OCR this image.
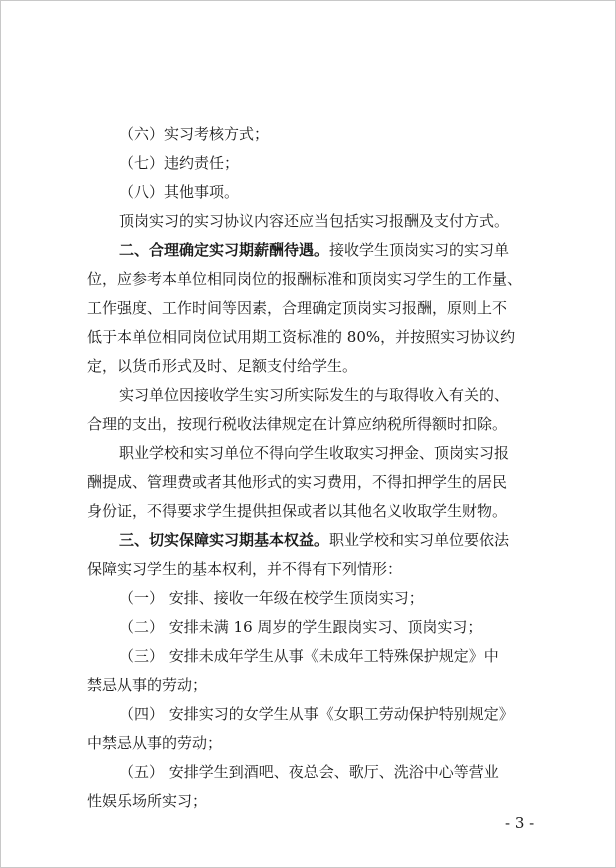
（六）实习考核方式；
（七）违约责任；
（八）其他事项。
顶岗实习的实习协议内容还应当包括实习报酬及支付方式。
二、合理确定实习期薪酬待遇。接收学生顶岗实习的实习单
位，应参考本单位相同岗位的报酬标准和顶岗实习学生的工作量、
工作强度、工作时间等因素，合理确定顶岗实习报酬，原则上不
低于本单位相同岗位试用期工资标准的 80%，并按照实习协议约
定，以货币形式及时、足额支付给学生。
实习单位因接收学生实习所实际发生的与取得收入有关的、
合理的支出，按现行税收法律规定在计算应纳税所得额时扣除。
职业学校和实习单位不得向学生收取实习押金、顶岗实习报
酬提成、管理费或者其他形式的实习费用，不得扣押学生的居民
身份证，不得要求学生提供担保或者以其他名义收取学生财物。
三、切实保障实习期基本权益。职业学校和实习单位要依法
保障实习学生的基本权利，并不得有下列情形：
（一） 安排、接收一年级在校学生顶岗实习；
（二） 安排未满 16 周岁的学生跟岗实习、顶岗实习；
（三） 安排未成年学生从事《未成年工特殊保护规定》中
禁忌从事的劳动；
（四） 安排实习的女学生从事《女职工劳动保护特别规定》
中禁忌从事的劳动；
（五） 安排学生到酒吧、夜总会、歌厅、洗浴中心等营业
性娱乐场所实习；
- 3 -
